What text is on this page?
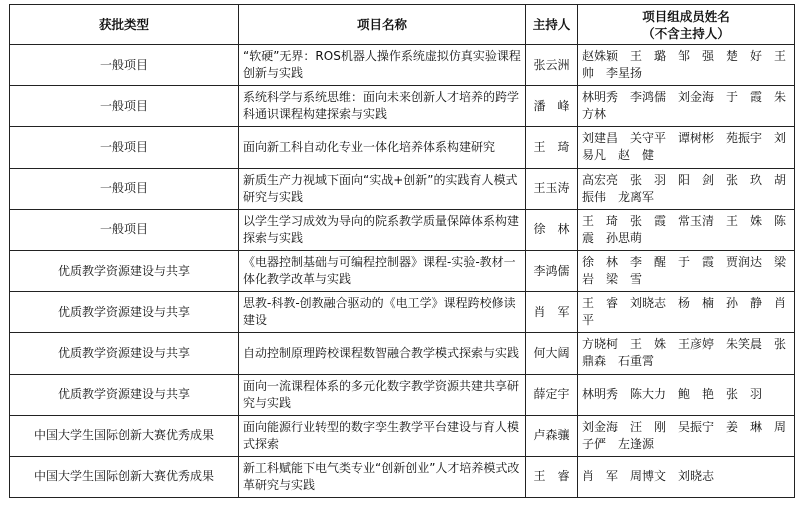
获批类型	项目名称	主持人	项目组成员姓名
（不含主持人）

一般项目	“软硬”无界：ROS机器人操作系统虚拟仿真实验课程创新与实践	张云洲	赵姝颖　王　璐　邹　强　楚　好　王　帅　李星扬
一般项目	系统科学与系统思维：面向未来创新人才培养的跨学科通识课程构建探索与实践	潘　峰	林明秀　李鸿儒　刘金海　于　霞　朱方林
一般项目	面向新工科自动化专业一体化培养体系构建研究	王　琦	刘建昌　关守平　谭树彬　苑振宇　刘易凡　赵　健
一般项目	新质生产力视域下面向“实战+创新”的实践育人模式研究与实践	王玉涛	高宏亮　张　羽　阳　剑　张　玖　胡振伟　龙离军
一般项目	以学生学习成效为导向的院系教学质量保障体系构建探索与实践	徐　林	王　琦　张　霞　常玉清　王　姝　陈　震　孙思萌
优质教学资源建设与共享	《电器控制基础与可编程控制器》课程-实验-教材一体化教学改革与实践	李鸿儒	徐　林　李　醒　于　霞　贾润达　梁　岩　梁　雪
优质教学资源建设与共享	思教-科教-创教融合驱动的《电工学》课程跨校修读建设	肖　军	王　睿　刘晓志　杨　楠　孙　静　肖　平
优质教学资源建设与共享	自动控制原理跨校课程数智融合教学模式探索与实践	何大阔	方晓柯　王　姝　王彦婷　朱笑晨　张鼎森　石重霄
优质教学资源建设与共享	面向一流课程体系的多元化数字教学资源共建共享研究与实践	薛定宇	林明秀　陈大力　鲍　艳　张　羽
中国大学生国际创新大赛优秀成果	面向能源行业转型的数字孪生教学平台建设与育人模式探索	卢森骧	刘金海　汪　刚　吴振宁　姜　琳　周子俨　左逢源
中国大学生国际创新大赛优秀成果	新工科赋能下电气类专业“创新创业”人才培养模式改革研究与实践	王　睿	肖　军　周博文　刘晓志
